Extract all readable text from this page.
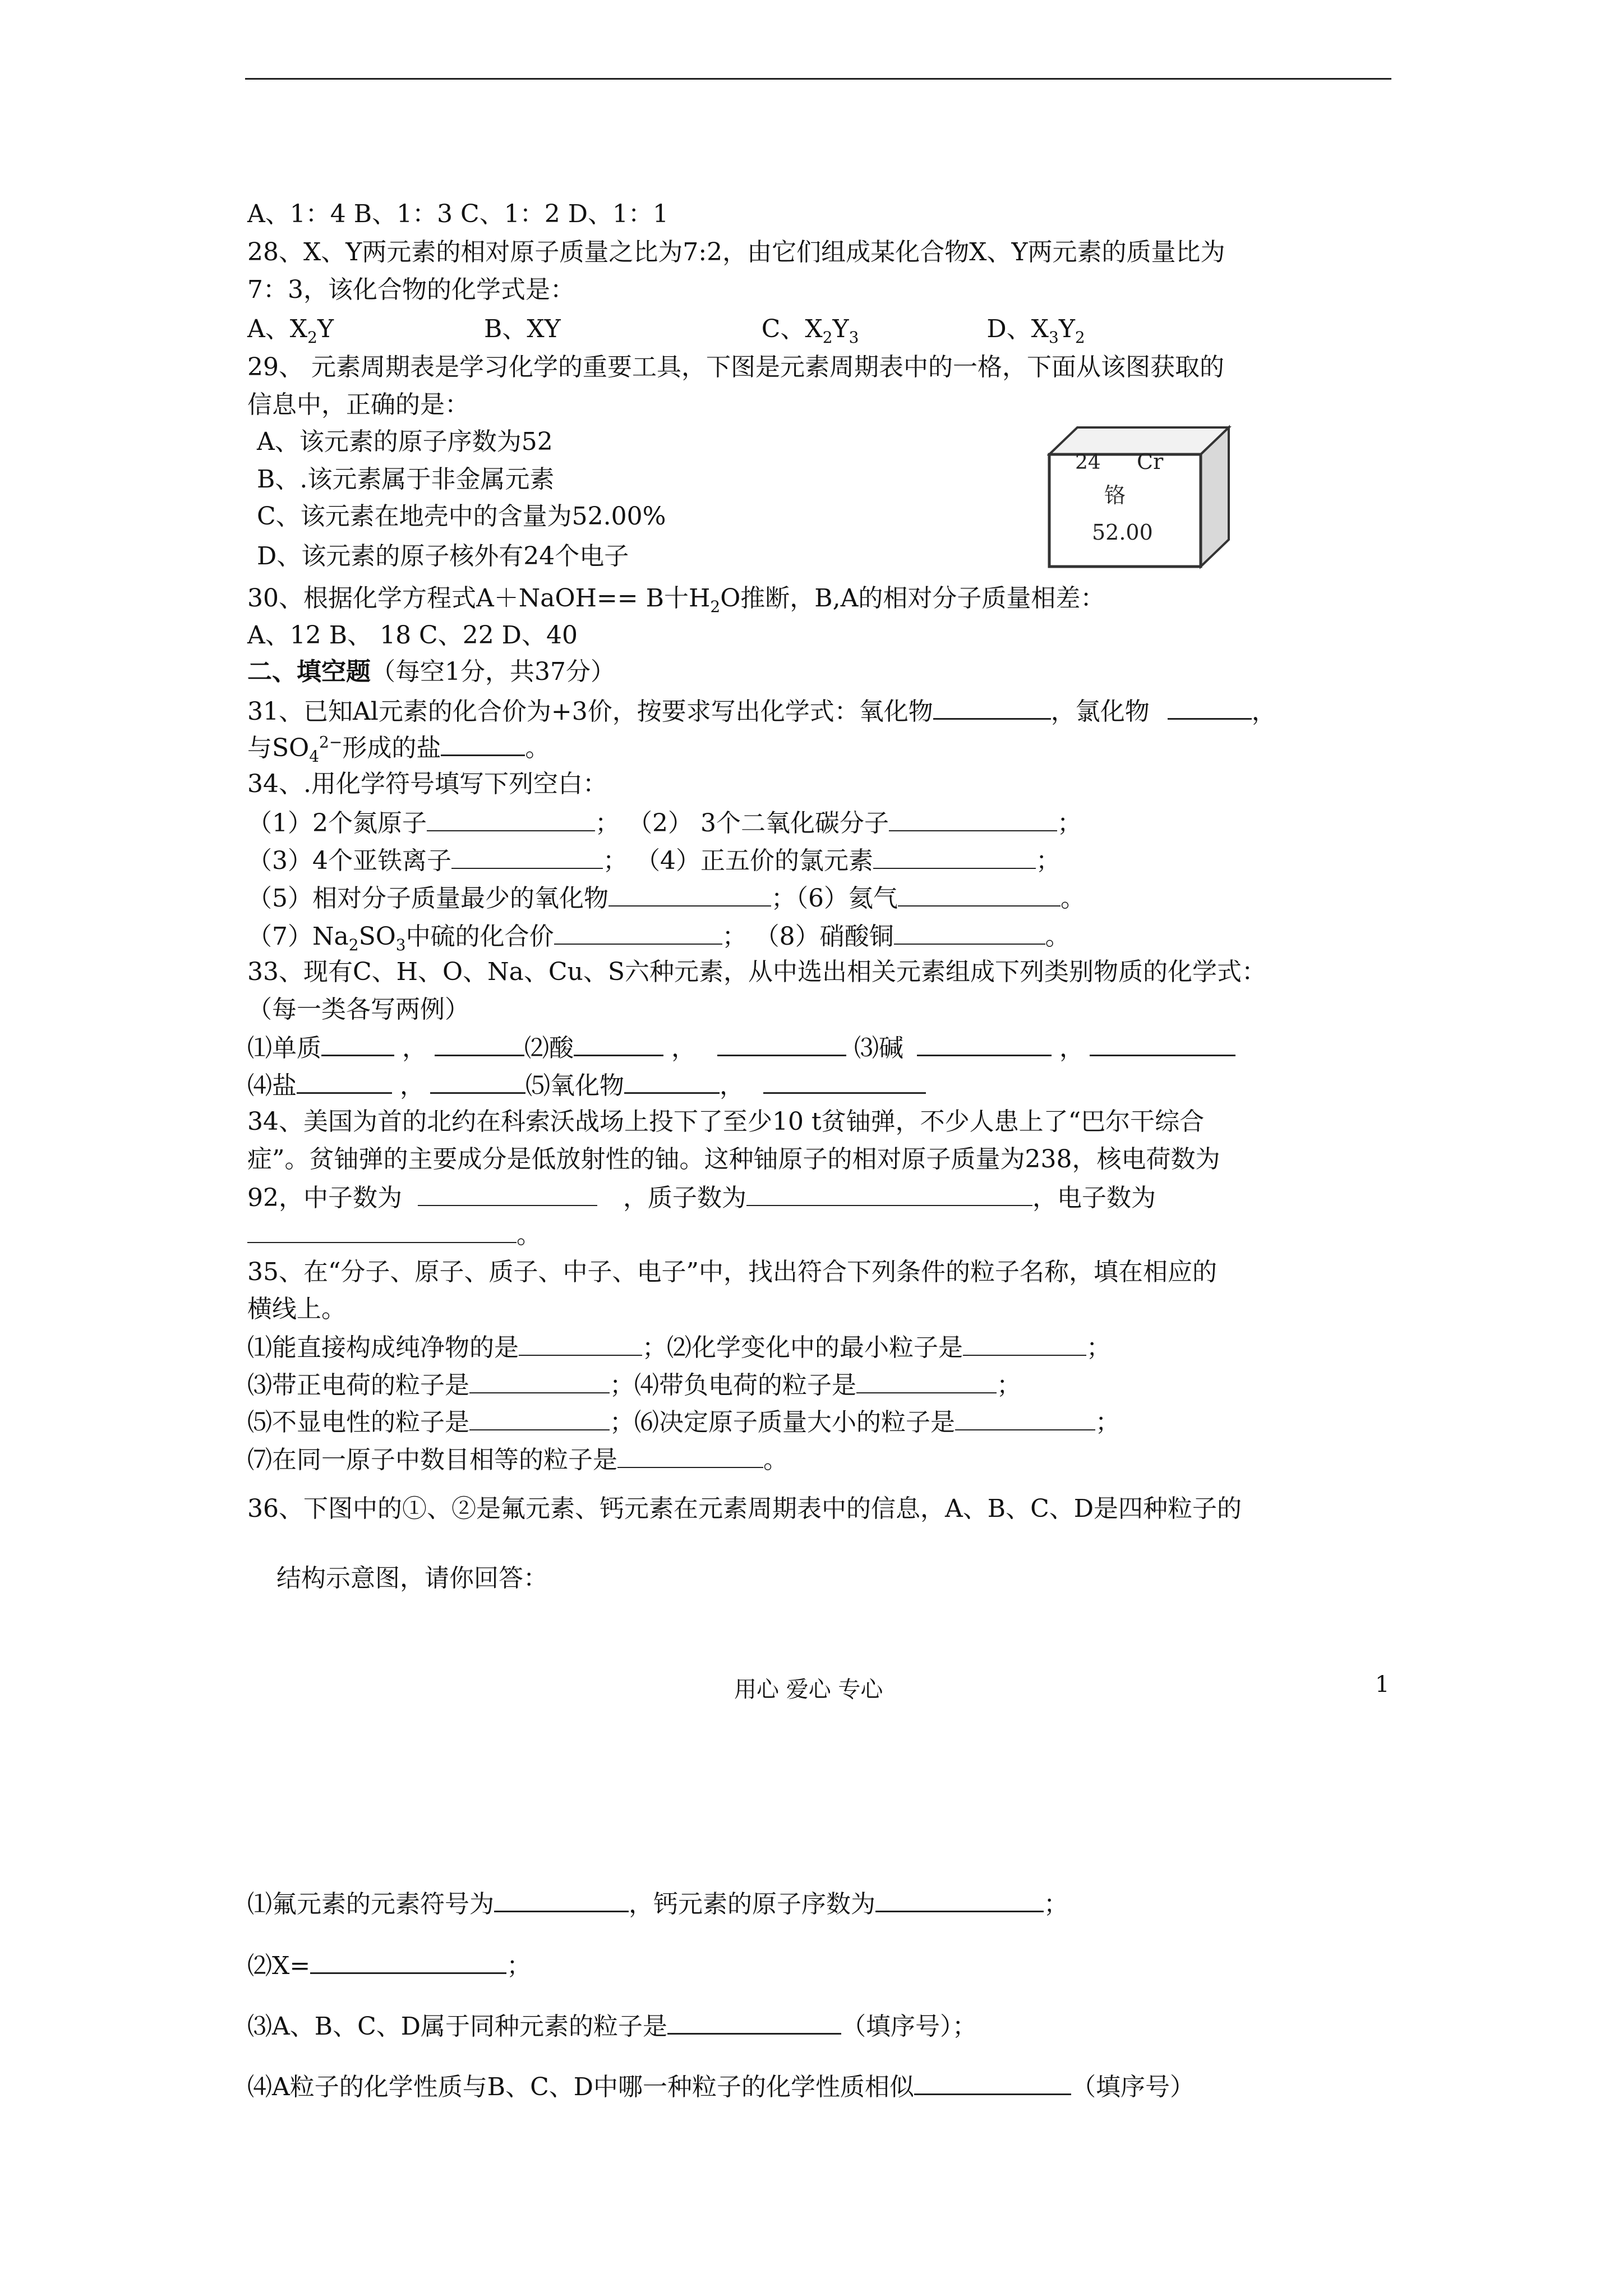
A、1：4 B、1：3 C、1：2 D、1：1
28、X、Y两元素的相对原子质量之比为7:2，由它们组成某化合物X、Y两元素的质量比为
7：3，该化合物的化学式是：
A、$X_2Y$	B、XY	C、$X_2Y_3$	D、$X_3Y_2$
29、 元素周期表是学习化学的重要工具，下图是元素周期表中的一格，下面从该图获取的
信息中，正确的是：
A、该元素的原子序数为52
B、.该元素属于非金属元素
C、该元素在地壳中的含量为52.00%
D、该元素的原子核外有24个电子
24 Cr
铬
52.00
30、根据化学方程式A＋NaOH== B十$H_2O$推断，B,A的相对分子质量相差：
A、12 B、 18 C、22 D、40
二、填空题（每空1分，共37分）
31、已知Al元素的化合价为+3价，按要求写出化学式：氧化物	，氯化物	，
与$SO_4^{2-}$形成的盐	。
34、.用化学符号填写下列空白：
（1）2个氮原子	； （2） 3个二氧化碳分子	；
（3）4个亚铁离子	； （4）正五价的氯元素	；
（5）相对分子质量最少的氧化物	；（6）氦气	。
$(7)Na_2SO_3$中硫的化合价	； （8）硝酸铜	。
33、现有C、H、O、Na、Cu、S六种元素，从中选出相关元素组成下列类别物质的化学式：
（每一类各写两例）
⑴单质	，	⑵酸	，	⑶碱	，
⑷盐	，	⑸氧化物	，
34、美国为首的北约在科索沃战场上投下了至少10 t贫铀弹，不少人患上了“巴尔干综合
症”。贫铀弹的主要成分是低放射性的铀。这种铀原子的相对原子质量为238，核电荷数为
92，中子数为	，质子数为	，电子数为
。
35、在“分子、原子、质子、中子、电子”中，找出符合下列条件的粒子名称，填在相应的
横线上。
⑴能直接构成纯净物的是	；⑵化学变化中的最小粒子是	；
⑶带正电荷的粒子是	；⑷带负电荷的粒子是	；
⑸不显电性的粒子是	；⑹决定原子质量大小的粒子是	；
⑺在同一原子中数目相等的粒子是	。
36、下图中的①、②是氟元素、钙元素在元素周期表中的信息，A、B、C、D是四种粒子的
结构示意图，请你回答：
⑴氟元素的元素符号为	，钙元素的原子序数为	；
⑵X=	；
⑶A、B、C、D属于同种元素的粒子是	（填序号）；
⑷A粒子的化学性质与B、C、D中哪一种粒子的化学性质相似	（填序号）
用心 爱心 专心	1
